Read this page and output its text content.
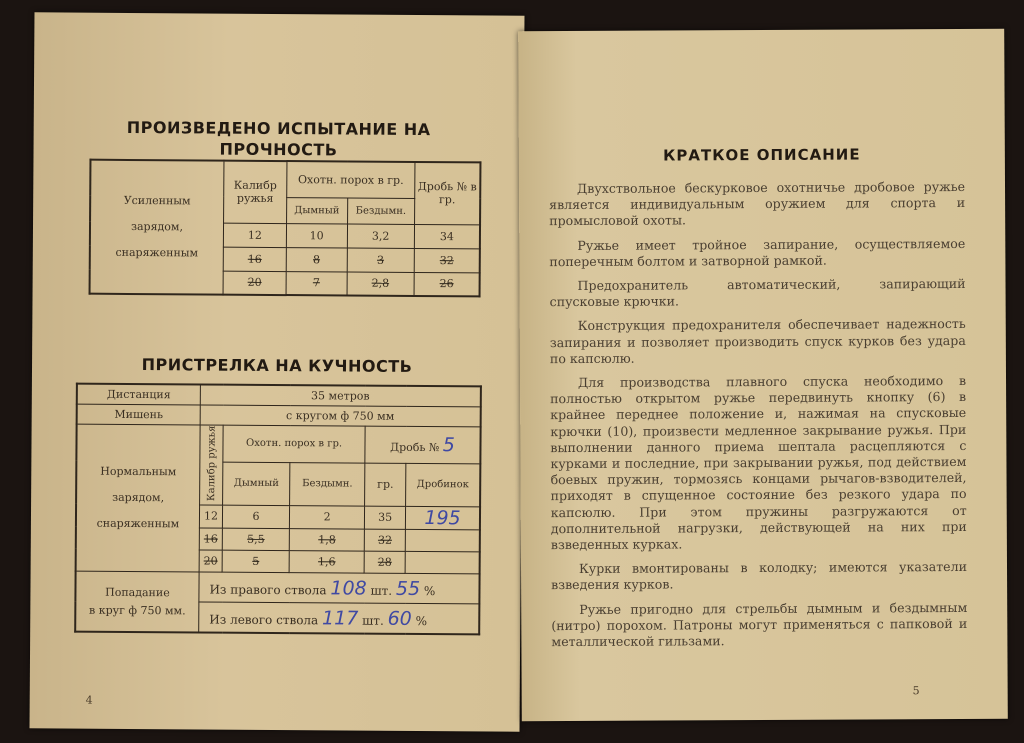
ПРОИЗВЕДЕНО ИСПЫТАНИЕ НА
ПРОЧНОСТЬ
Усиленным
зарядом,
снаряженным	Калибр ружья	Охотн. порох в гр.		Дробь № в гр.
		Дымный	Бездымн.	
	12	10	3,2	34
	16	8	3	32
	20	7	2,8	26
ПРИСТРЕЛКА НА КУЧНОСТЬ
Дистанция	35 метров				
Мишень	с кругом ф 750 мм				

Нормальным
зарядом,
снаряженным	Калибр ружья	Охотн. порох в гр.		Дробь № 5	
		Дымный	Бездымн.	гр.	Дробинок
	12	6	2	35	195
	16	5,5	1,8	32	
	20	5	1,6	28	

Попадание
в круг ф 750 мм.	Из правого ствола 108 шт. 55 %				
	Из левого ствола 117 шт. 60 %				
4
КРАТКОЕ ОПИСАНИЕ

Двухствольное бескурковое охотничье дробовое ружье является индивидуальным оружием для спорта и промысловой охоты.

Ружье имеет тройное запирание, осуществляемое поперечным болтом и затворной рамкой.

Предохранитель автоматический, запирающий спусковые крючки.

Конструкция предохранителя обеспечивает надежность запирания и позволяет производить спуск курков без удара по капсюлю.

Для производства плавного спуска необходимо в полностью открытом ружье передвинуть кнопку (6) в крайнее переднее положение и, нажимая на спусковые крючки (10), произвести медленное закрывание ружья. При выполнении данного приема шептала расцепляются с курками и последние, при закрывании ружья, под действием боевых пружин, тормозясь концами рычагов-взводителей, приходят в спущенное состояние без резкого удара по капсюлю. При этом пружины разгружаются от дополнительной нагрузки, действующей на них при взведенных курках.

Курки вмонтированы в колодку; имеются указатели взведения курков.

Ружье пригодно для стрельбы дымным и бездымным (нитро) порохом. Патроны могут применяться с папковой и металлической гильзами.

5
